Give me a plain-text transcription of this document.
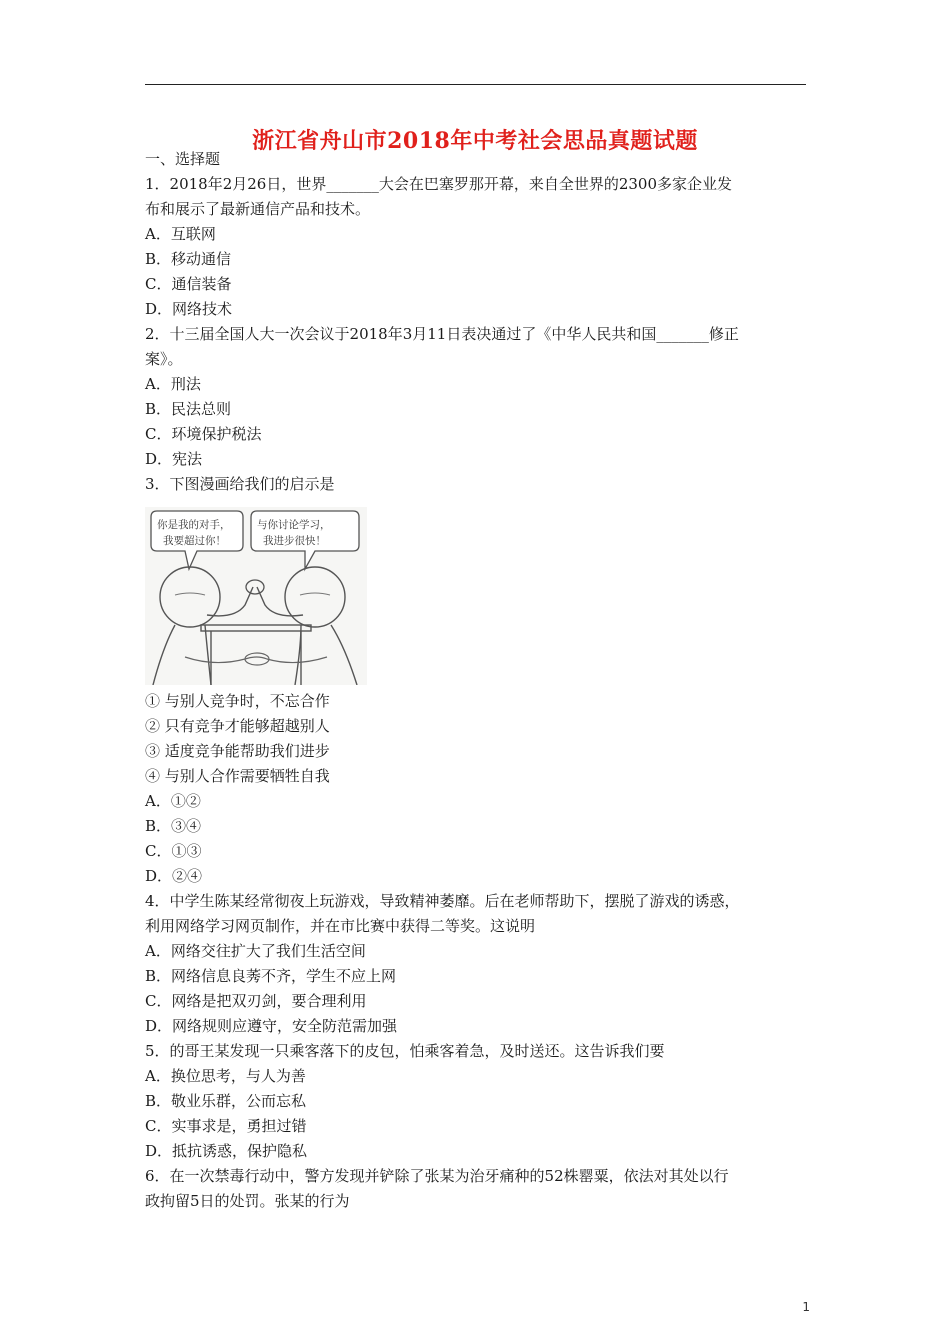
浙江省舟山市2018年中考社会思品真题试题
一、选择题
1．2018年2月26日，世界_______大会在巴塞罗那开幕，来自全世界的2300多家企业发
布和展示了最新通信产品和技术。
A．互联网
B．移动通信
C．通信装备
D．网络技术
2．十三届全国人大一次会议于2018年3月11日表决通过了《中华人民共和国_______修正
案》。
A．刑法
B．民法总则
C．环境保护税法
D．宪法
3．下图漫画给我们的启示是
你是我的对手，
我要超过你！
与你讨论学习，
我进步很快！
① 与别人竞争时，不忘合作
② 只有竞争才能够超越别人
③ 适度竞争能帮助我们进步
④ 与别人合作需要牺牲自我
A．①②
B．③④
C．①③
D．②④
4．中学生陈某经常彻夜上玩游戏，导致精神萎靡。后在老师帮助下，摆脱了游戏的诱惑，
利用网络学习网页制作，并在市比赛中获得二等奖。这说明
A．网络交往扩大了我们生活空间
B．网络信息良莠不齐，学生不应上网
C．网络是把双刃剑，要合理利用
D．网络规则应遵守，安全防范需加强
5．的哥王某发现一只乘客落下的皮包，怕乘客着急，及时送还。这告诉我们要
A．换位思考，与人为善
B．敬业乐群，公而忘私
C．实事求是，勇担过错
D．抵抗诱惑，保护隐私
6．在一次禁毒行动中，警方发现并铲除了张某为治牙痛种的52株罂粟，依法对其处以行
政拘留5日的处罚。张某的行为
1
